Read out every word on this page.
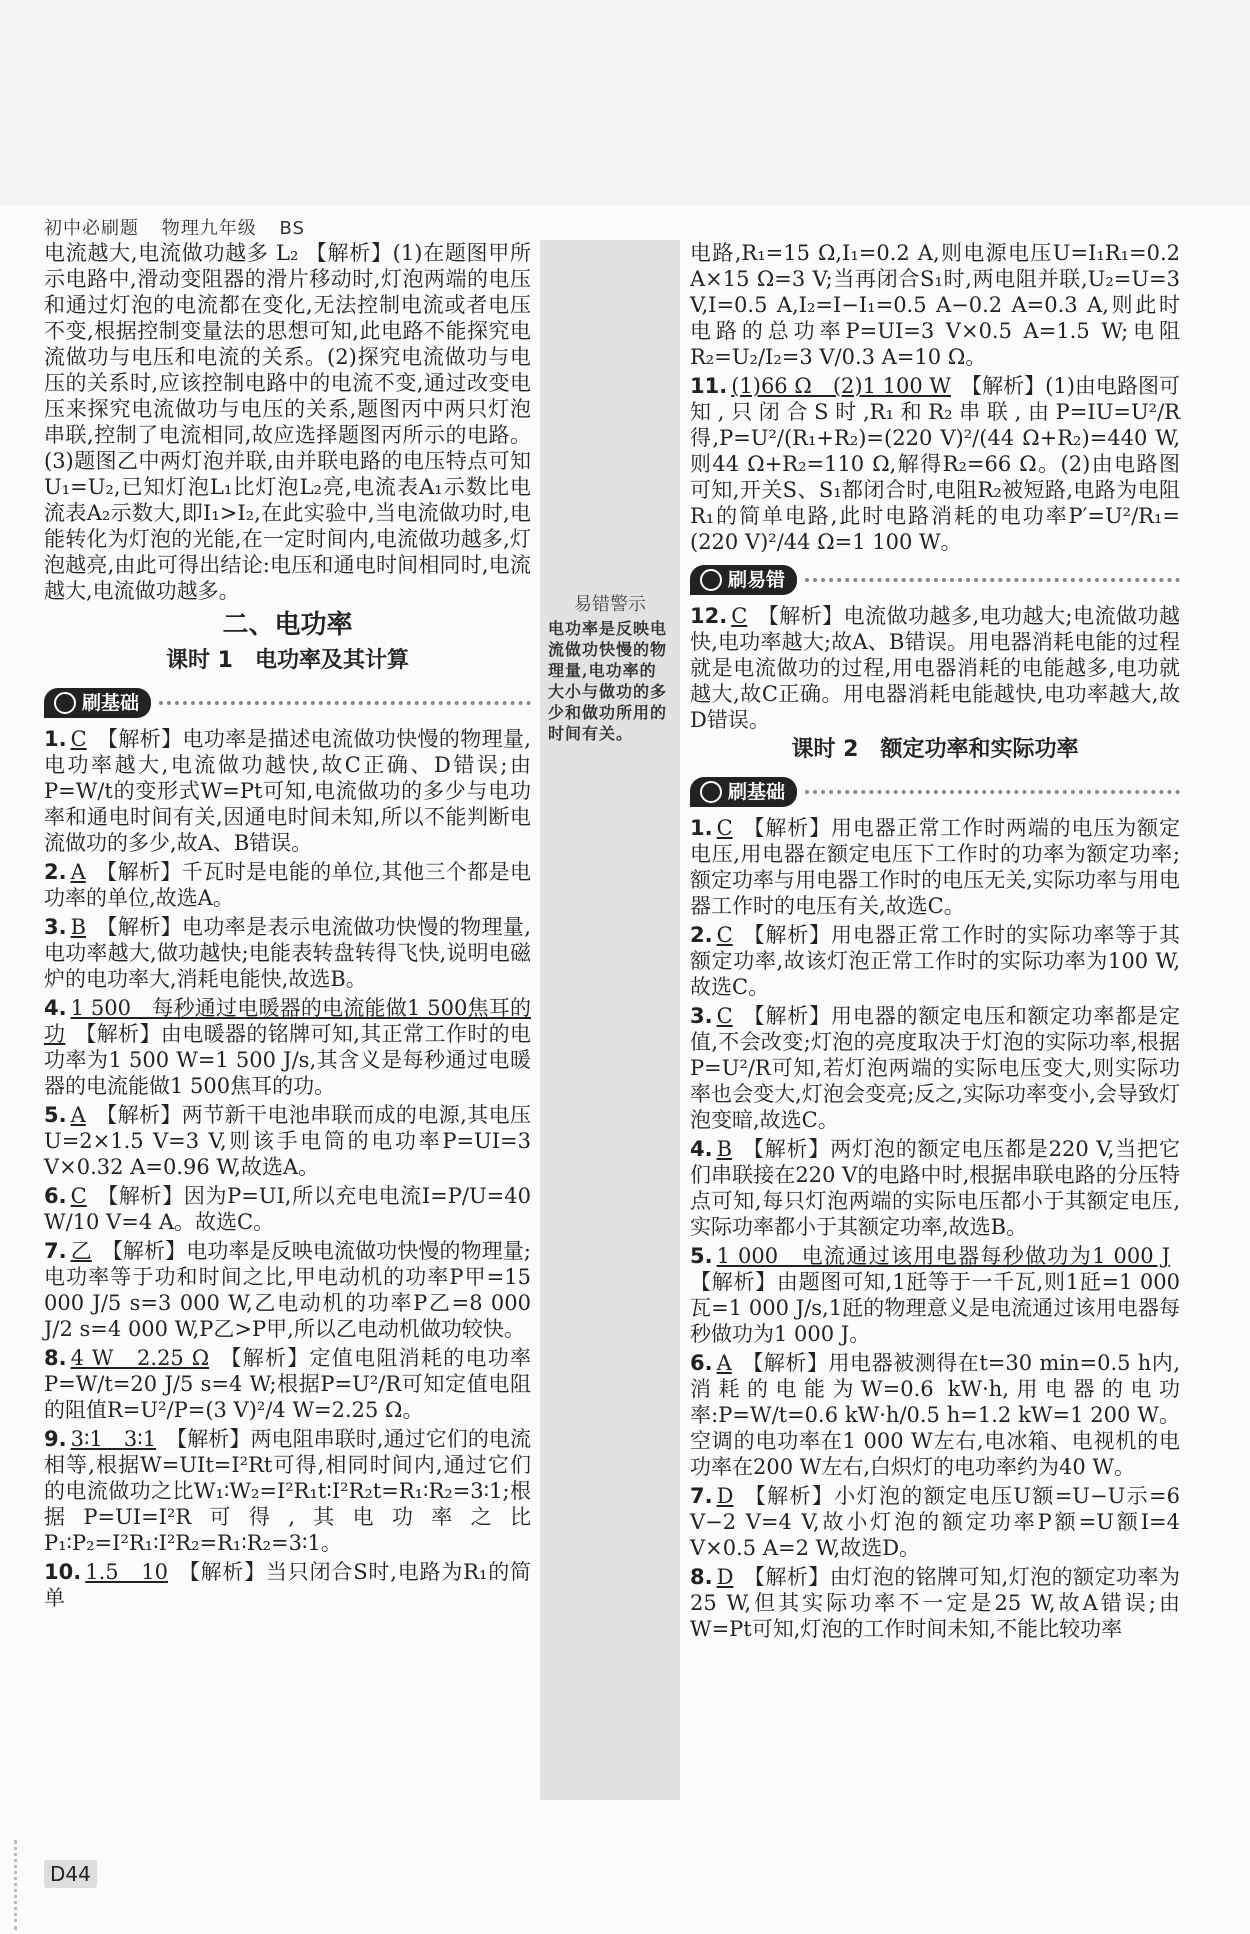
初中必刷题 物理九年级 BS

电流越大,电流做功越多 L₂ 【解析】(1)在题图甲所示电路中,滑动变阻器的滑片移动时,灯泡两端的电压和通过灯泡的电流都在变化,无法控制电流或者电压不变,根据控制变量法的思想可知,此电路不能探究电流做功与电压和电流的关系。(2)探究电流做功与电压的关系时,应该控制电路中的电流不变,通过改变电压来探究电流做功与电压的关系,题图丙中两只灯泡串联,控制了电流相同,故应选择题图丙所示的电路。(3)题图乙中两灯泡并联,由并联电路的电压特点可知U₁=U₂,已知灯泡L₁比灯泡L₂亮,电流表A₁示数比电流表A₂示数大,即I₁>I₂,在此实验中,当电流做功时,电能转化为灯泡的光能,在一定时间内,电流做功越多,灯泡越亮,由此可得出结论:电压和通电时间相同时,电流越大,电流做功越多。

二、电功率
课时 1　电功率及其计算
刷基础

1. C 【解析】电功率是描述电流做功快慢的物理量,电功率越大,电流做功越快,故C正确、D错误;由P=W/t的变形式W=Pt可知,电流做功的多少与电功率和通电时间有关,因通电时间未知,所以不能判断电流做功的多少,故A、B错误。

2. A 【解析】千瓦时是电能的单位,其他三个都是电功率的单位,故选A。

3. B 【解析】电功率是表示电流做功快慢的物理量,电功率越大,做功越快;电能表转盘转得飞快,说明电磁炉的电功率大,消耗电能快,故选B。

4. 1 500　每秒通过电暖器的电流能做1 500焦耳的功 【解析】由电暖器的铭牌可知,其正常工作时的电功率为1 500 W=1 500 J/s,其含义是每秒通过电暖器的电流能做1 500焦耳的功。

5. A 【解析】两节新干电池串联而成的电源,其电压U=2×1.5 V=3 V,则该手电筒的电功率P=UI=3 V×0.32 A=0.96 W,故选A。

6. C 【解析】因为P=UI,所以充电电流I=P/U=40 W/10 V=4 A。故选C。

7. 乙 【解析】电功率是反映电流做功快慢的物理量;电功率等于功和时间之比,甲电动机的功率P甲=15 000 J/5 s=3 000 W,乙电动机的功率P乙=8 000 J/2 s=4 000 W,P乙>P甲,所以乙电动机做功较快。

8. 4 W　2.25 Ω 【解析】定值电阻消耗的电功率P=W/t=20 J/5 s=4 W;根据P=U²/R可知定值电阻的阻值R=U²/P=(3 V)²/4 W=2.25 Ω。

9. 3∶1　3∶1 【解析】两电阻串联时,通过它们的电流相等,根据W=UIt=I²Rt可得,相同时间内,通过它们的电流做功之比W₁∶W₂=I²R₁t∶I²R₂t=R₁∶R₂=3∶1;根据P=UI=I²R可得,其电功率之比P₁∶P₂=I²R₁∶I²R₂=R₁∶R₂=3∶1。

10. 1.5　10 【解析】当只闭合S时,电路为R₁的简单

易错警示
电功率是反映电流做功快慢的物理量,电功率的大小与做功的多少和做功所用的时间有关。

电路,R₁=15 Ω,I₁=0.2 A,则电源电压U=I₁R₁=0.2 A×15 Ω=3 V;当再闭合S₁时,两电阻并联,U₂=U=3 V,I=0.5 A,I₂=I−I₁=0.5 A−0.2 A=0.3 A,则此时电路的总功率P=UI=3 V×0.5 A=1.5 W;电阻R₂=U₂/I₂=3 V/0.3 A=10 Ω。

11. (1)66 Ω　(2)1 100 W 【解析】(1)由电路图可知,只闭合S时,R₁和R₂串联,由P=IU=U²/R得,P=U²/(R₁+R₂)=(220 V)²/(44 Ω+R₂)=440 W,则44 Ω+R₂=110 Ω,解得R₂=66 Ω。(2)由电路图可知,开关S、S₁都闭合时,电阻R₂被短路,电路为电阻R₁的简单电路,此时电路消耗的电功率P′=U²/R₁=(220 V)²/44 Ω=1 100 W。

刷易错

12. C 【解析】电流做功越多,电功越大;电流做功越快,电功率越大;故A、B错误。用电器消耗电能的过程就是电流做功的过程,用电器消耗的电能越多,电功就越大,故C正确。用电器消耗电能越快,电功率越大,故D错误。

课时 2　额定功率和实际功率
刷基础

1. C 【解析】用电器正常工作时两端的电压为额定电压,用电器在额定电压下工作时的功率为额定功率;额定功率与用电器工作时的电压无关,实际功率与用电器工作时的电压有关,故选C。

2. C 【解析】用电器正常工作时的实际功率等于其额定功率,故该灯泡正常工作时的实际功率为100 W,故选C。

3. C 【解析】用电器的额定电压和额定功率都是定值,不会改变;灯泡的亮度取决于灯泡的实际功率,根据P=U²/R可知,若灯泡两端的实际电压变大,则实际功率也会变大,灯泡会变亮;反之,实际功率变小,会导致灯泡变暗,故选C。

4. B 【解析】两灯泡的额定电压都是220 V,当把它们串联接在220 V的电路中时,根据串联电路的分压特点可知,每只灯泡两端的实际电压都小于其额定电压,实际功率都小于其额定功率,故选B。

5. 1 000　电流通过该用电器每秒做功为1 000 J【解析】由题图可知,1瓩等于一千瓦,则1瓩=1 000瓦=1 000 J/s,1瓩的物理意义是电流通过该用电器每秒做功为1 000 J。

6. A 【解析】用电器被测得在t=30 min=0.5 h内,消耗的电能为W=0.6 kW·h,用电器的电功率:P=W/t=0.6 kW·h/0.5 h=1.2 kW=1 200 W。空调的电功率在1 000 W左右,电冰箱、电视机的电功率在200 W左右,白炽灯的电功率约为40 W。

7. D 【解析】小灯泡的额定电压U额=U−U示=6 V−2 V=4 V,故小灯泡的额定功率P额=U额I=4 V×0.5 A=2 W,故选D。

8. D 【解析】由灯泡的铭牌可知,灯泡的额定功率为25 W,但其实际功率不一定是25 W,故A错误;由W=Pt可知,灯泡的工作时间未知,不能比较功率

D44
